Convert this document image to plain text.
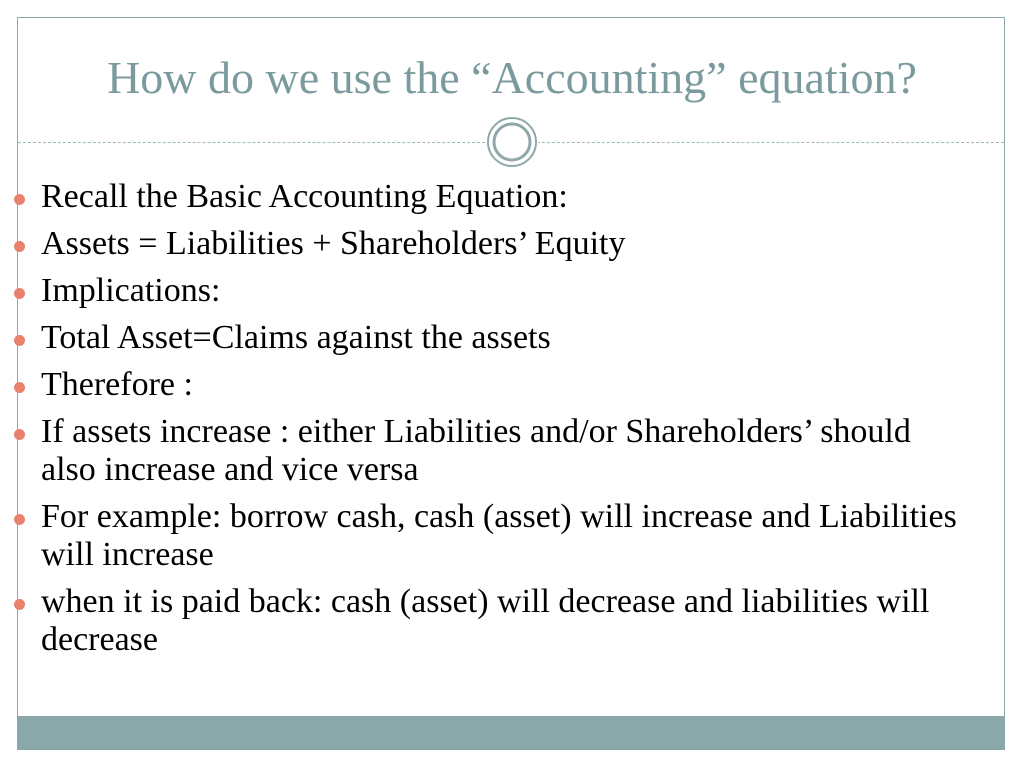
How do we use the “Accounting” equation?
Recall the Basic Accounting Equation:
Assets = Liabilities + Shareholders’ Equity
Implications:
Total Asset=Claims against the assets
Therefore :
If assets increase : either Liabilities and/or Shareholders’ should also increase and vice versa
For example: borrow cash, cash (asset) will increase and Liabilities will increase
when it is paid back: cash (asset) will decrease and liabilities will decrease
